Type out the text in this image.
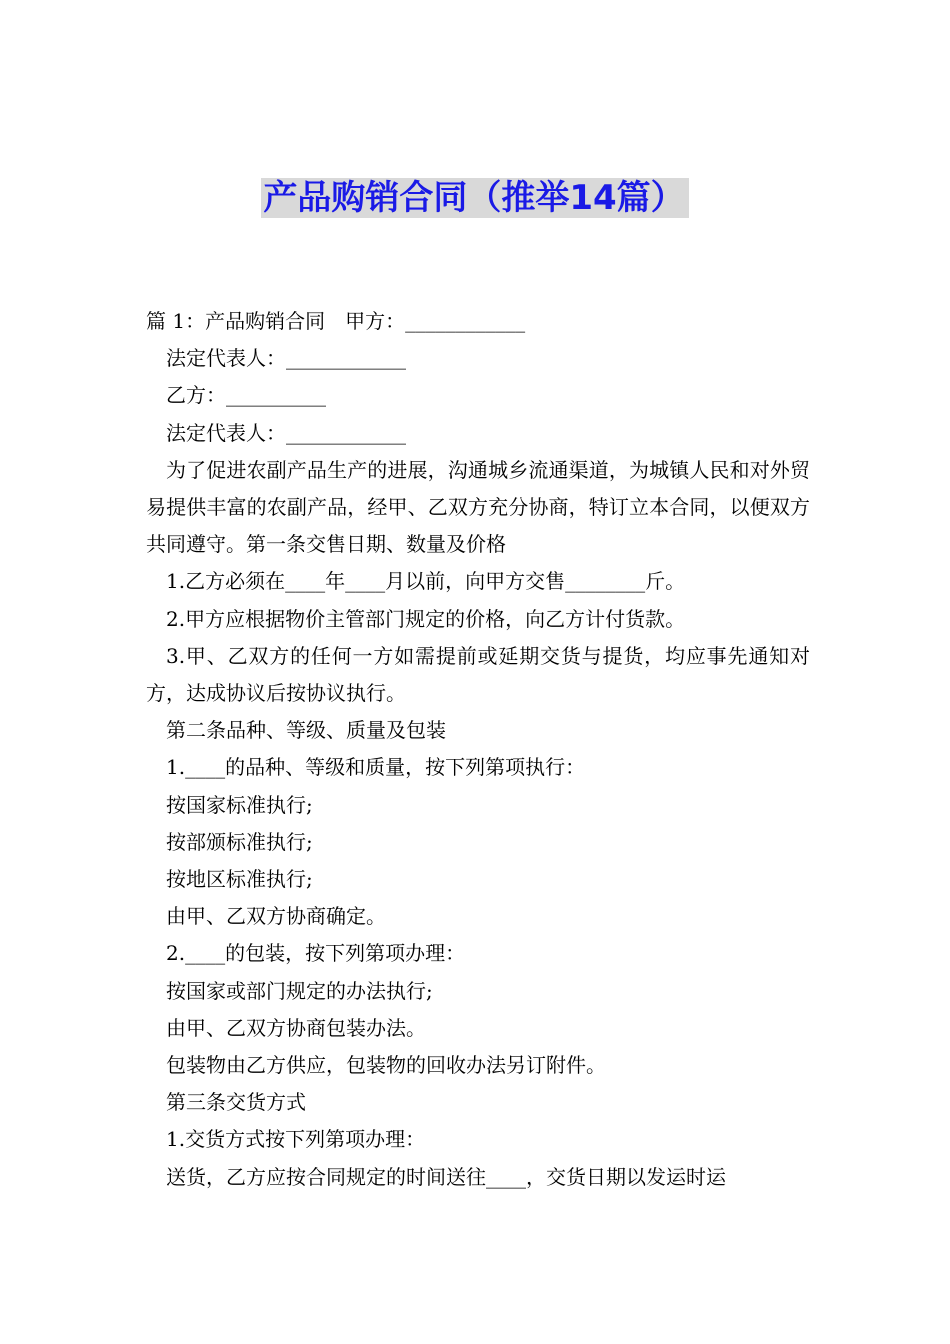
产品购销合同（推举14篇）

篇 1：产品购销合同　甲方：____________

法定代表人：____________

乙方：__________

法定代表人：____________

为了促进农副产品生产的进展，沟通城乡流通渠道，为城镇人民和对外贸易提供丰富的农副产品，经甲、乙双方充分协商，特订立本合同，以便双方共同遵守。第一条交售日期、数量及价格

1.乙方必须在____年____月以前，向甲方交售________斤。

2.甲方应根据物价主管部门规定的价格，向乙方计付货款。

3.甲、乙双方的任何一方如需提前或延期交货与提货，均应事先通知对方，达成协议后按协议执行。

第二条品种、等级、质量及包装

1.____的品种、等级和质量，按下列第项执行：

按国家标准执行;

按部颁标准执行;

按地区标准执行;

由甲、乙双方协商确定。

2.____的包装，按下列第项办理：

按国家或部门规定的办法执行;

由甲、乙双方协商包装办法。

包装物由乙方供应，包装物的回收办法另订附件。

第三条交货方式

1.交货方式按下列第项办理：

送货，乙方应按合同规定的时间送往____，交货日期以发运时运
